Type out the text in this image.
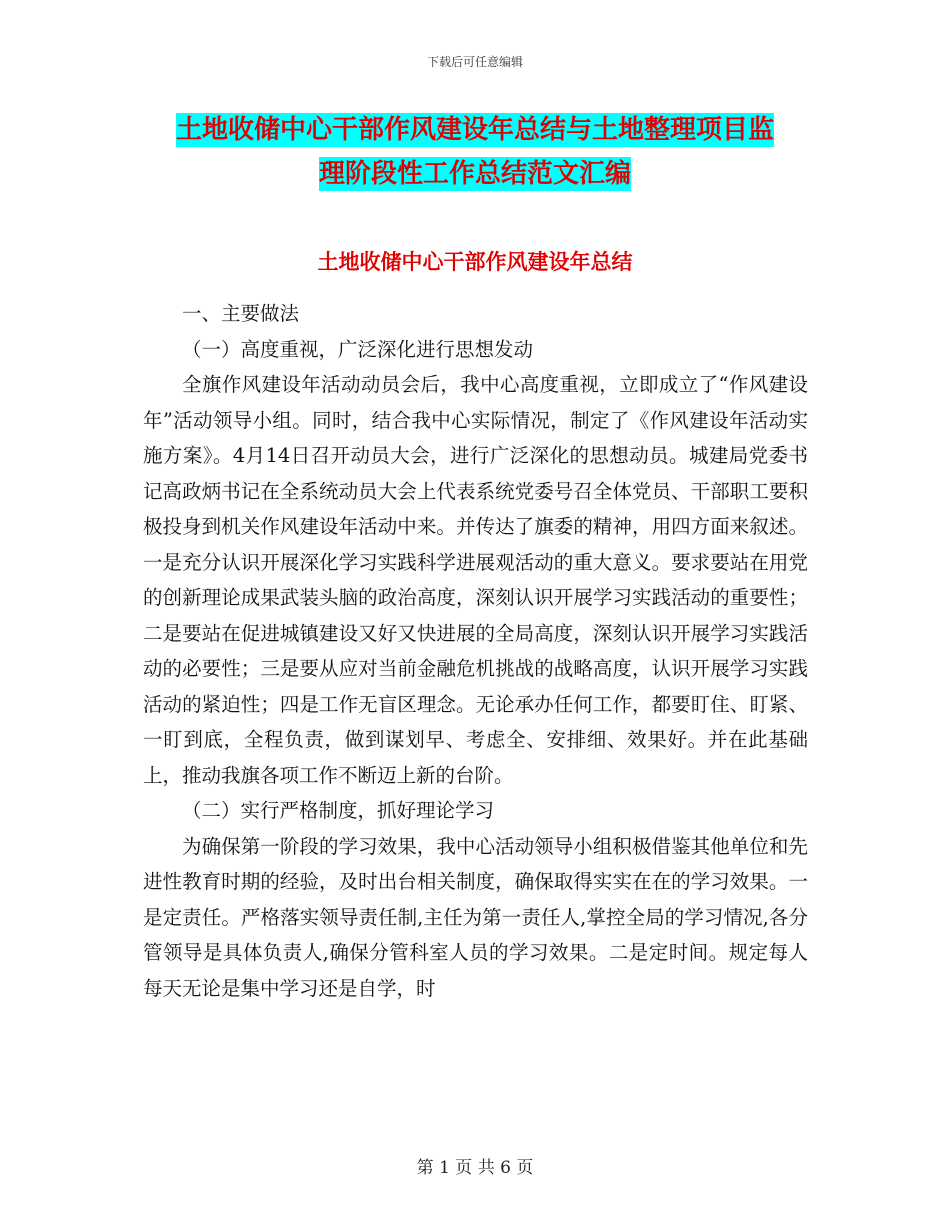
下载后可任意编辑
土地收储中心干部作风建设年总结与土地整理项目监
理阶段性工作总结范文汇编
土地收储中心干部作风建设年总结

一、主要做法

（一）高度重视，广泛深化进行思想发动

全旗作风建设年活动动员会后，我中心高度重视，立即成立了“作风建设年”活动领导小组。同时，结合我中心实际情况，制定了《作风建设年活动实施方案》。4月14日召开动员大会，进行广泛深化的思想动员。城建局党委书记高政炳书记在全系统动员大会上代表系统党委号召全体党员、干部职工要积极投身到机关作风建设年活动中来。并传达了旗委的精神，用四方面来叙述。一是充分认识开展深化学习实践科学进展观活动的重大意义。要求要站在用党的创新理论成果武装头脑的政治高度，深刻认识开展学习实践活动的重要性；二是要站在促进城镇建设又好又快进展的全局高度，深刻认识开展学习实践活动的必要性；三是要从应对当前金融危机挑战的战略高度，认识开展学习实践活动的紧迫性；四是工作无盲区理念。无论承办任何工作，都要盯住、盯紧、一盯到底，全程负责，做到谋划早、考虑全、安排细、效果好。并在此基础上，推动我旗各项工作不断迈上新的台阶。

（二）实行严格制度，抓好理论学习

为确保第一阶段的学习效果，我中心活动领导小组积极借鉴其他单位和先进性教育时期的经验，及时出台相关制度，确保取得实实在在的学习效果。一是定责任。严格落实领导责任制,主任为第一责任人,掌控全局的学习情况,各分管领导是具体负责人,确保分管科室人员的学习效果。二是定时间。规定每人每天无论是集中学习还是自学，时

第 1 页 共 6 页
